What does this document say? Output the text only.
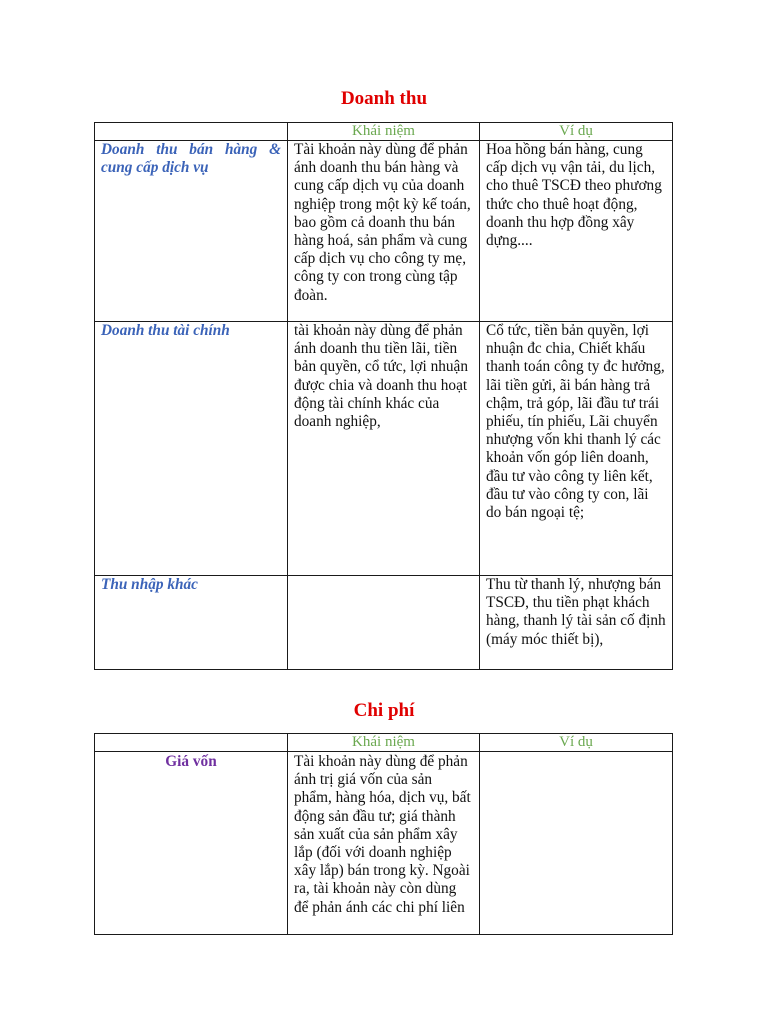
Doanh thu
	Khái niệm	Ví dụ
Doanh thu bán hàng & cung cấp dịch vụ	Tài khoản này dùng để phản ánh doanh thu bán hàng và cung cấp dịch vụ của doanh nghiệp trong một kỳ kế toán, bao gồm cả doanh thu bán hàng hoá, sản phẩm và cung cấp dịch vụ cho công ty mẹ, công ty con trong cùng tập đoàn.	Hoa hồng bán hàng, cung cấp dịch vụ vận tải, du lịch, cho thuê TSCĐ theo phương thức cho thuê hoạt động, doanh thu hợp đồng xây dựng....
Doanh thu tài chính	tài khoản này dùng để phản ánh doanh thu tiền lãi, tiền bản quyền, cổ tức, lợi nhuận được chia và doanh thu hoạt động tài chính khác của doanh nghiệp,	Cổ tức, tiền bản quyền, lợi nhuận đc chia, Chiết khấu thanh toán công ty đc hưởng, lãi tiền gửi, ãi bán hàng trả chậm, trả góp, lãi đầu tư trái phiếu, tín phiếu, Lãi chuyển nhượng vốn khi thanh lý các khoản vốn góp liên doanh, đầu tư vào công ty liên kết, đầu tư vào công ty con, lãi do bán ngoại tệ;
Thu nhập khác		Thu từ thanh lý, nhượng bán TSCĐ, thu tiền phạt khách hàng, thanh lý tài sản cố định (máy móc thiết bị),
Chi phí
	Khái niệm	Ví dụ
Giá vốn	Tài khoản này dùng để phản ánh trị giá vốn của sản phẩm, hàng hóa, dịch vụ, bất động sản đầu tư; giá thành sản xuất của sản phẩm xây lắp (đối với doanh nghiệp xây lắp) bán trong kỳ. Ngoài ra, tài khoản này còn dùng để phản ánh các chi phí liên	
